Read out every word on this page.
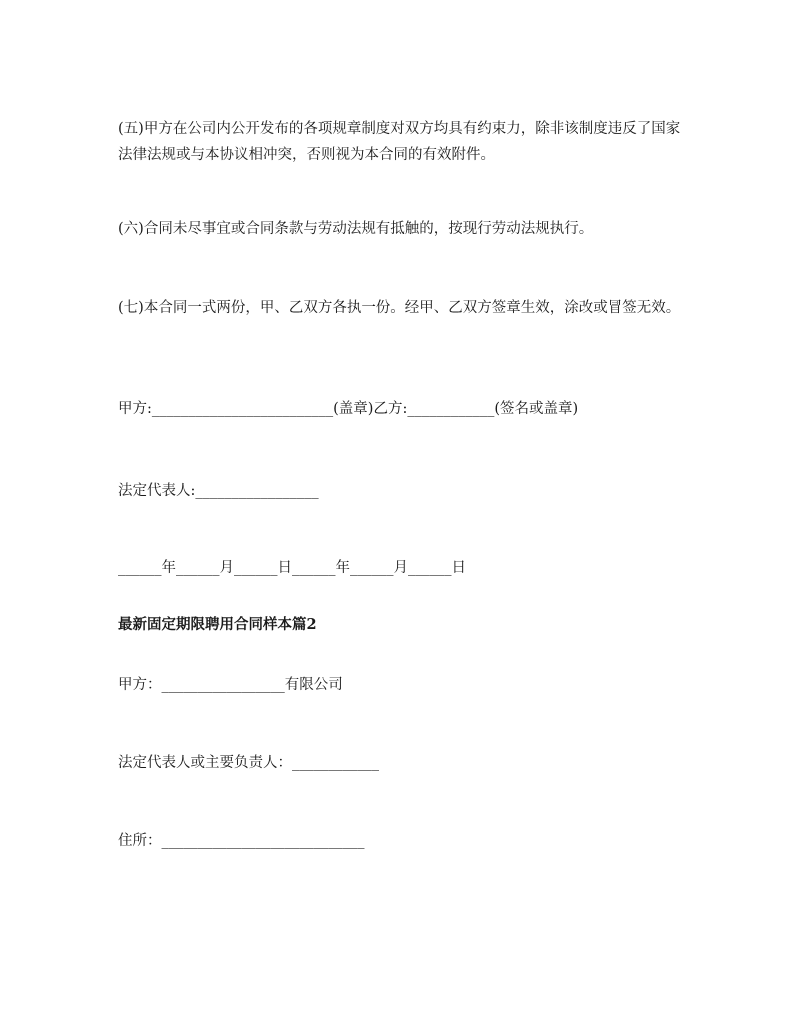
(五)甲方在公司内公开发布的各项规章制度对双方均具有约束力，除非该制度违反了国家法律法规或与本协议相冲突，否则视为本合同的有效附件。

(六)合同未尽事宜或合同条款与劳动法规有抵触的，按现行劳动法规执行。

(七)本合同一式两份，甲、乙双方各执一份。经甲、乙双方签章生效，涂改或冒签无效。

甲方:_________________________(盖章)乙方:____________(签名或盖章)

法定代表人:_________________

______年______月______日______年______月______日

最新固定期限聘用合同样本篇2

甲方：_________________有限公司

法定代表人或主要负责人：____________

住所：____________________________
